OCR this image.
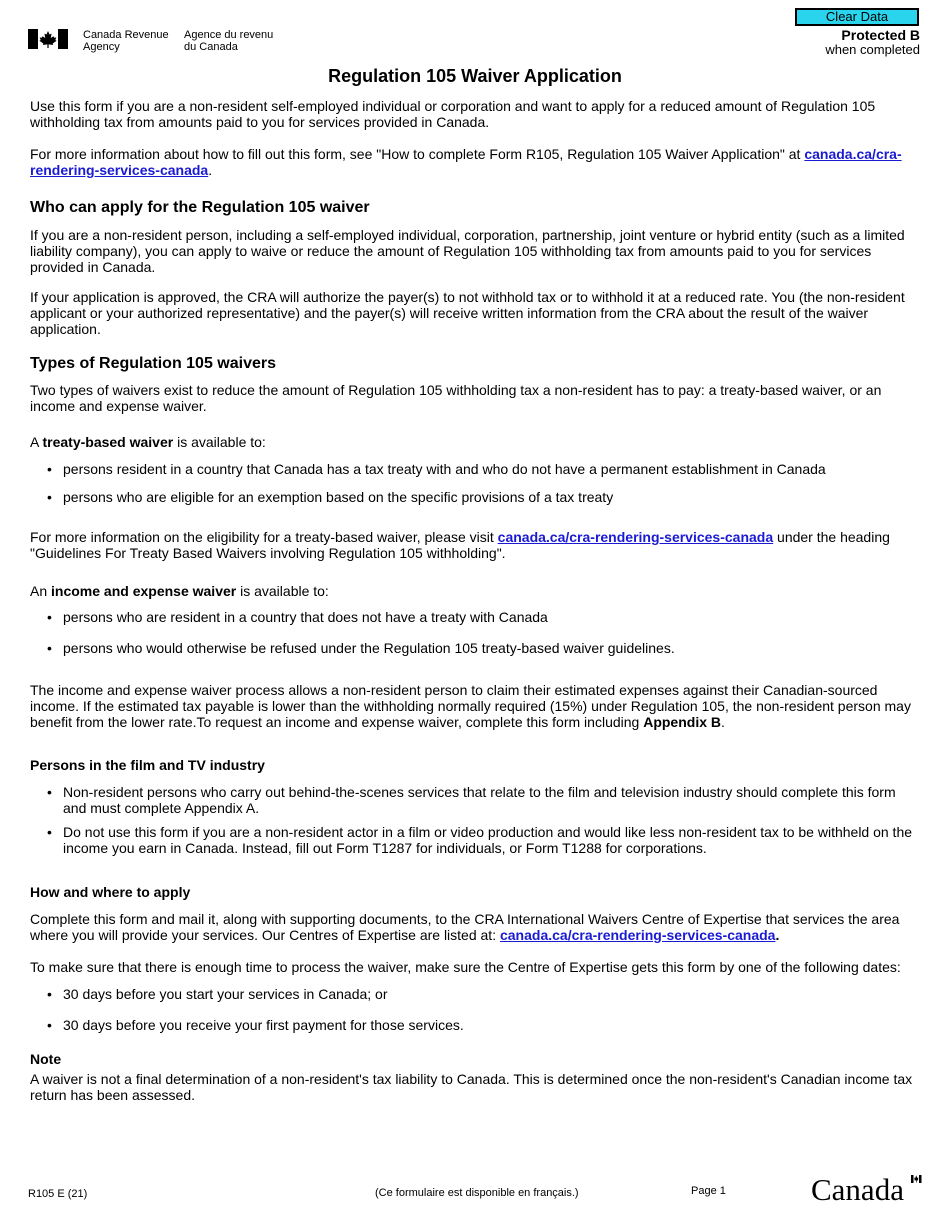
Canada Revenue
Agency
Agence du revenu
du Canada
Clear Data
Protected B
when completed
Regulation 105 Waiver Application

Use this form if you are a non-resident self-employed individual or corporation and want to apply for a reduced amount of Regulation 105 withholding tax from amounts paid to you for services provided in Canada.

For more information about how to fill out this form, see "How to complete Form R105, Regulation 105 Waiver Application" at canada.ca/cra-rendering-services-canada.

Who can apply for the Regulation 105 waiver

If you are a non-resident person, including a self-employed individual, corporation, partnership, joint venture or hybrid entity (such as a limited liability company), you can apply to waive or reduce the amount of Regulation 105 withholding tax from amounts paid to you for services provided in Canada.

If your application is approved, the CRA will authorize the payer(s) to not withhold tax or to withhold it at a reduced rate. You (the non-resident applicant or your authorized representative) and the payer(s) will receive written information from the CRA about the result of the waiver application.

Types of Regulation 105 waivers

Two types of waivers exist to reduce the amount of Regulation 105 withholding tax a non-resident has to pay: a treaty-based waiver, or an income and expense waiver.

A treaty-based waiver is available to:

• persons resident in a country that Canada has a tax treaty with and who do not have a permanent establishment in Canada
• persons who are eligible for an exemption based on the specific provisions of a tax treaty

For more information on the eligibility for a treaty-based waiver, please visit canada.ca/cra-rendering-services-canada under the heading "Guidelines For Treaty Based Waivers involving Regulation 105 withholding".

An income and expense waiver is available to:

• persons who are resident in a country that does not have a treaty with Canada
• persons who would otherwise be refused under the Regulation 105 treaty-based waiver guidelines.

The income and expense waiver process allows a non-resident person to claim their estimated expenses against their Canadian-sourced income. If the estimated tax payable is lower than the withholding normally required (15%) under Regulation 105, the non-resident person may benefit from the lower rate.To request an income and expense waiver, complete this form including Appendix B.

Persons in the film and TV industry
• Non-resident persons who carry out behind-the-scenes services that relate to the film and television industry should complete this form and must complete Appendix A.
• Do not use this form if you are a non-resident actor in a film or video production and would like less non-resident tax to be withheld on the income you earn in Canada. Instead, fill out Form T1287 for individuals, or Form T1288 for corporations.
How and where to apply

Complete this form and mail it, along with supporting documents, to the CRA International Waivers Centre of Expertise that services the area where you will provide your services. Our Centres of Expertise are listed at: canada.ca/cra-rendering-services-canada.

To make sure that there is enough time to process the waiver, make sure the Centre of Expertise gets this form by one of the following dates:

• 30 days before you start your services in Canada; or
• 30 days before you receive your first payment for those services.
Note

A waiver is not a final determination of a non-resident's tax liability to Canada. This is determined once the non-resident's Canadian income tax return has been assessed.

R105 E (21)	(Ce formulaire est disponible en français.)	Page 1	Canada
